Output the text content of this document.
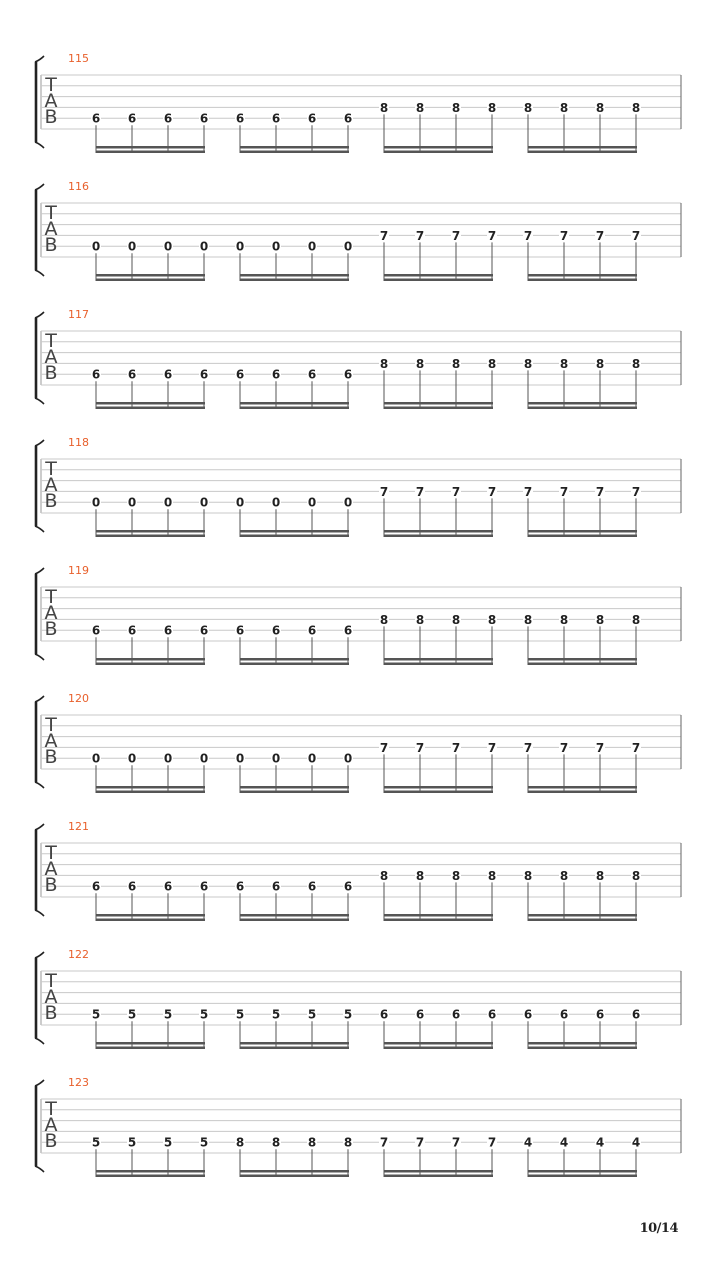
115
T
A
B	6 6 6 6 6 6 6 6
8 8 8 8 8 8 8 8
116
T
A
B	0 0 0 0 0 0 0 0
7 7 7 7 7 7 7 7
117
T
A
B	6 6 6 6 6 6 6 6
8 8 8 8 8 8 8 8
118
T
A
B	0 0 0 0 0 0 0 0
7 7 7 7 7 7 7 7
119
T
A
B	6 6 6 6 6 6 6 6
8 8 8 8 8 8 8 8
120
T
A
B	0 0 0 0 0 0 0 0
7 7 7 7 7 7 7 7
121
T
A
B	6 6 6 6 6 6 6 6
8 8 8 8 8 8 8 8
122
T
A
B	5 5 5 5 5 5 5 5 6 6 6 6 6 6 6 6
123
T
A
B	5 5 5 5 8 8 8 8 7 7 7 7 4 4 4 4
10/14
